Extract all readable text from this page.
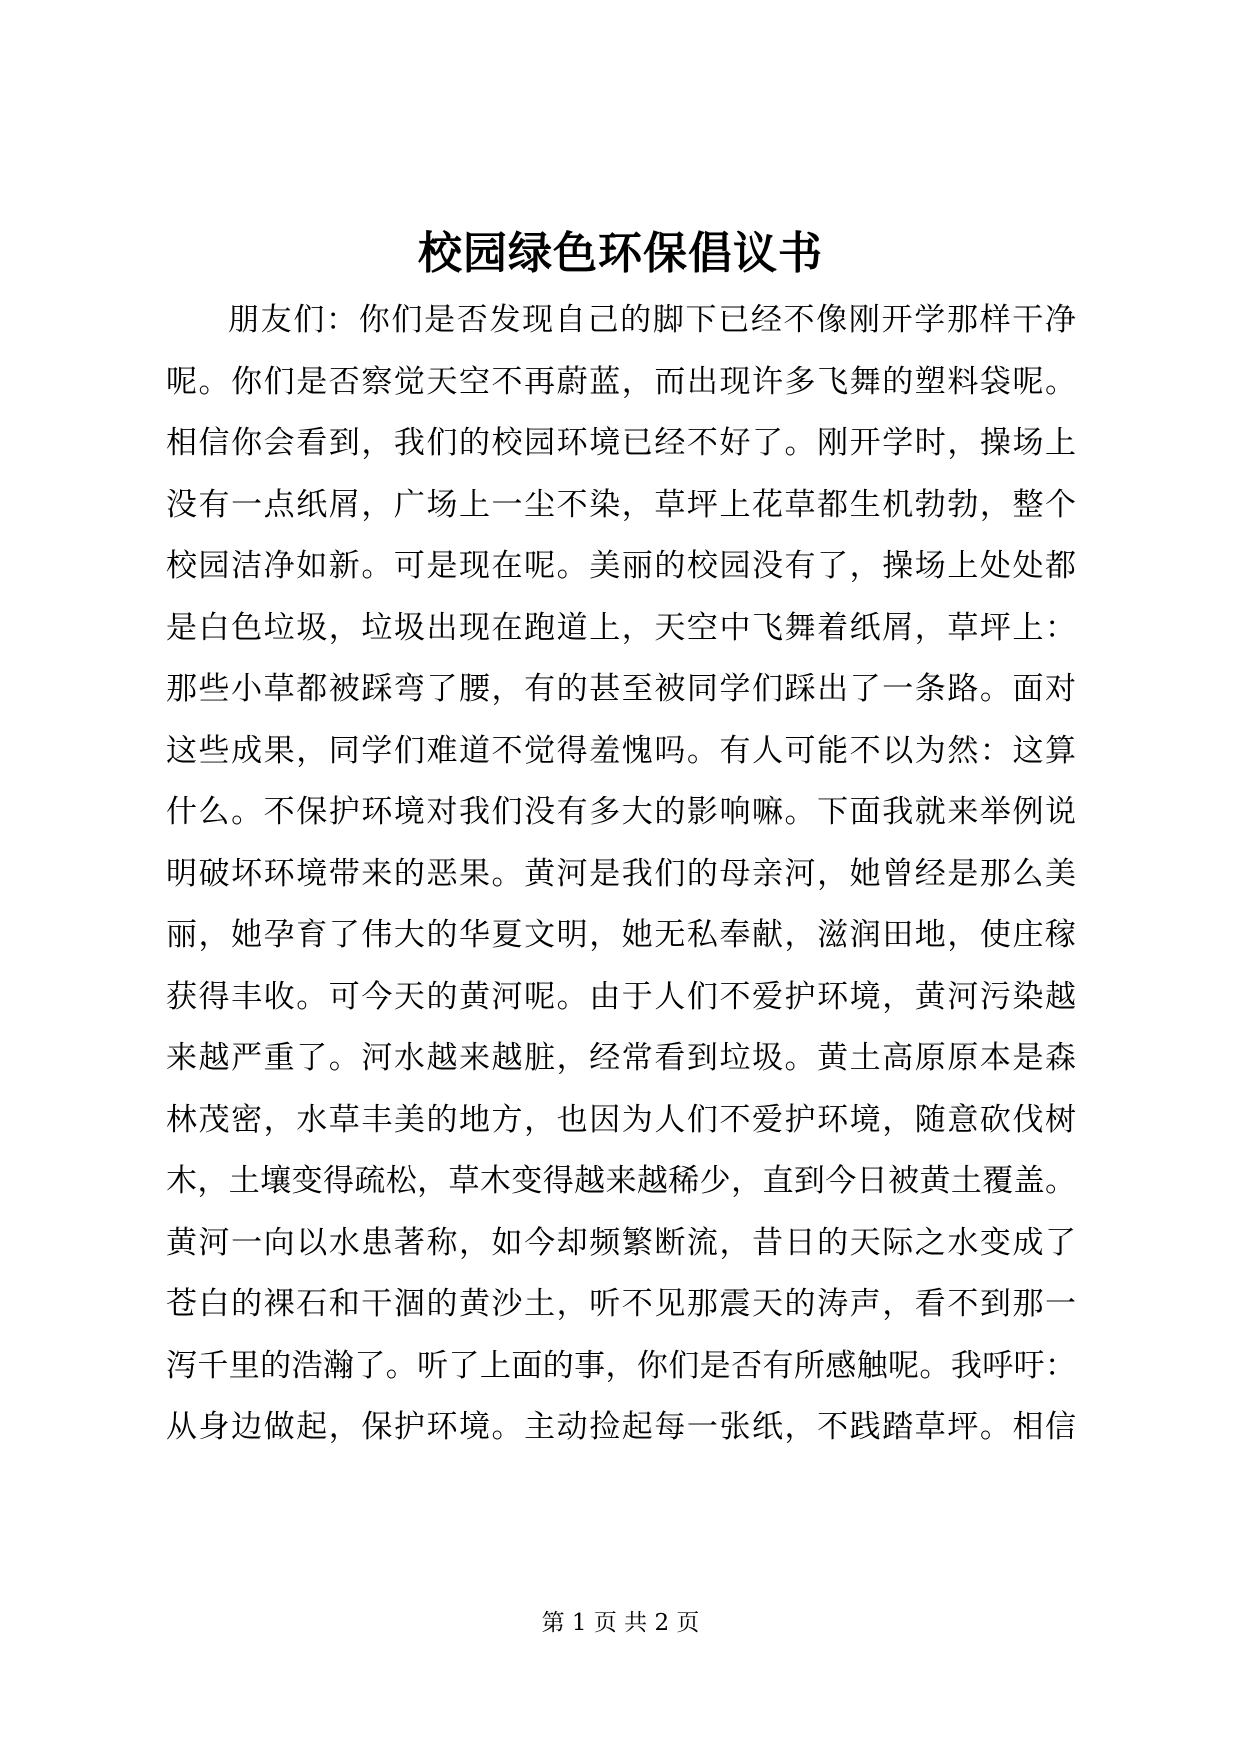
校园绿色环保倡议书
朋友们：你们是否发现自己的脚下已经不像刚开学那样干净
呢。你们是否察觉天空不再蔚蓝，而出现许多飞舞的塑料袋呢。
相信你会看到，我们的校园环境已经不好了。刚开学时，操场上
没有一点纸屑，广场上一尘不染，草坪上花草都生机勃勃，整个
校园洁净如新。可是现在呢。美丽的校园没有了，操场上处处都
是白色垃圾，垃圾出现在跑道上，天空中飞舞着纸屑，草坪上：
那些小草都被踩弯了腰，有的甚至被同学们踩出了一条路。面对
这些成果，同学们难道不觉得羞愧吗。有人可能不以为然：这算
什么。不保护环境对我们没有多大的影响嘛。下面我就来举例说
明破坏环境带来的恶果。黄河是我们的母亲河，她曾经是那么美
丽，她孕育了伟大的华夏文明，她无私奉献，滋润田地，使庄稼
获得丰收。可今天的黄河呢。由于人们不爱护环境，黄河污染越
来越严重了。河水越来越脏，经常看到垃圾。黄土高原原本是森
林茂密，水草丰美的地方，也因为人们不爱护环境，随意砍伐树
木，土壤变得疏松，草木变得越来越稀少，直到今日被黄土覆盖。
黄河一向以水患著称，如今却频繁断流，昔日的天际之水变成了
苍白的裸石和干涸的黄沙土，听不见那震天的涛声，看不到那一
泻千里的浩瀚了。听了上面的事，你们是否有所感触呢。我呼吁：
从身边做起，保护环境。主动捡起每一张纸，不践踏草坪。相信
第 1 页 共 2 页
